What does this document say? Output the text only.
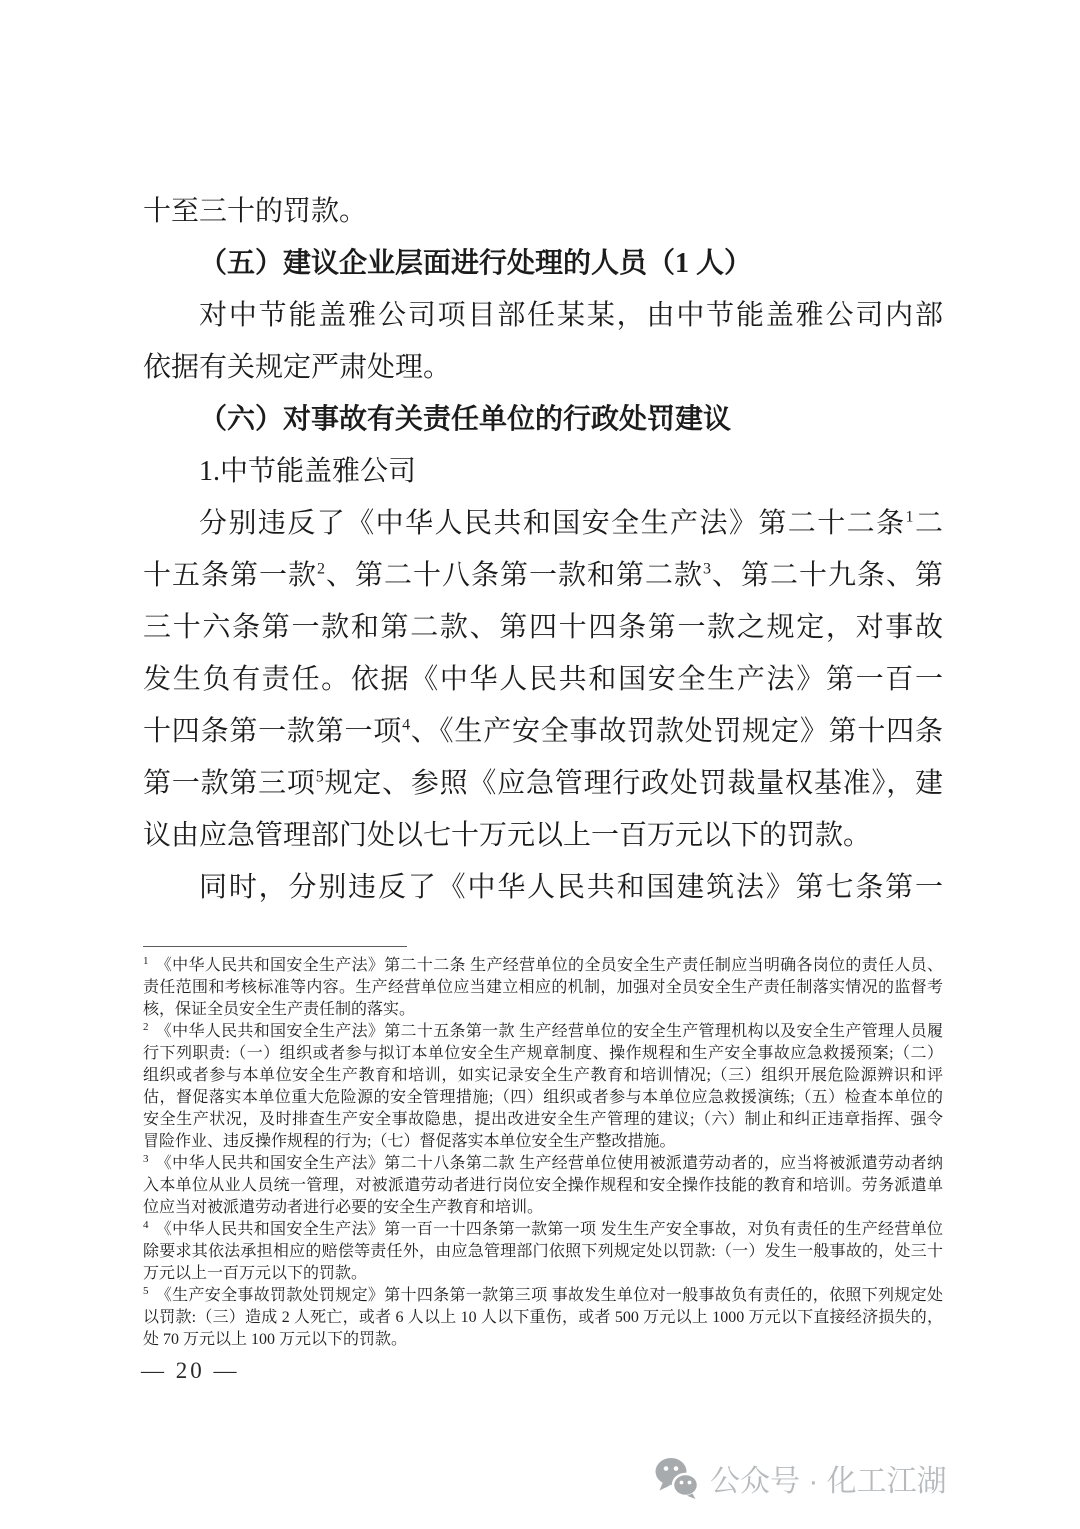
十至三十的罚款。
（五）建议企业层面进行处理的人员（1 人）
对中节能盖雅公司项目部任某某，由中节能盖雅公司内部
依据有关规定严肃处理。
（六）对事故有关责任单位的行政处罚建议
1.中节能盖雅公司
分别违反了《中华人民共和国安全生产法》第二十二条$^1$二
十五条第一款$^2$、第二十八条第一款和第二款$^3$、第二十九条、第
三十六条第一款和第二款、第四十四条第一款之规定，对事故
发生负有责任。依据《中华人民共和国安全生产法》第一百一
十四条第一款第一项$^4$、《生产安全事故罚款处罚规定》第十四条
第一款第三项$^5$规定、参照《应急管理行政处罚裁量权基准》，建
议由应急管理部门处以七十万元以上一百万元以下的罚款。
同时，分别违反了《中华人民共和国建筑法》第七条第一
$^1$ 《中华人民共和国安全生产法》第二十二条 生产经营单位的全员安全生产责任制应当明确各岗位的责任人员、
责任范围和考核标准等内容。生产经营单位应当建立相应的机制，加强对全员安全生产责任制落实情况的监督考
核，保证全员安全生产责任制的落实。
$^2$ 《中华人民共和国安全生产法》第二十五条第一款 生产经营单位的安全生产管理机构以及安全生产管理人员履
行下列职责:（一）组织或者参与拟订本单位安全生产规章制度、操作规程和生产安全事故应急救援预案;（二）
组织或者参与本单位安全生产教育和培训，如实记录安全生产教育和培训情况;（三）组织开展危险源辨识和评
估，督促落实本单位重大危险源的安全管理措施;（四）组织或者参与本单位应急救援演练;（五）检查本单位的
安全生产状况，及时排查生产安全事故隐患，提出改进安全生产管理的建议;（六）制止和纠正违章指挥、强令
冒险作业、违反操作规程的行为;（七）督促落实本单位安全生产整改措施。
$^3$ 《中华人民共和国安全生产法》第二十八条第二款 生产经营单位使用被派遣劳动者的，应当将被派遣劳动者纳
入本单位从业人员统一管理，对被派遣劳动者进行岗位安全操作规程和安全操作技能的教育和培训。劳务派遣单
位应当对被派遣劳动者进行必要的安全生产教育和培训。
$^4$ 《中华人民共和国安全生产法》第一百一十四条第一款第一项 发生生产安全事故，对负有责任的生产经营单位
除要求其依法承担相应的赔偿等责任外，由应急管理部门依照下列规定处以罚款:（一）发生一般事故的，处三十
万元以上一百万元以下的罚款。
$^5$ 《生产安全事故罚款处罚规定》第十四条第一款第三项 事故发生单位对一般事故负有责任的，依照下列规定处
以罚款:（三）造成 2 人死亡，或者 6 人以上 10 人以下重伤，或者 500 万元以上 1000 万元以下直接经济损失的，
处 70 万元以上 100 万元以下的罚款。
— 20 —
公众号 · 化工江湖
